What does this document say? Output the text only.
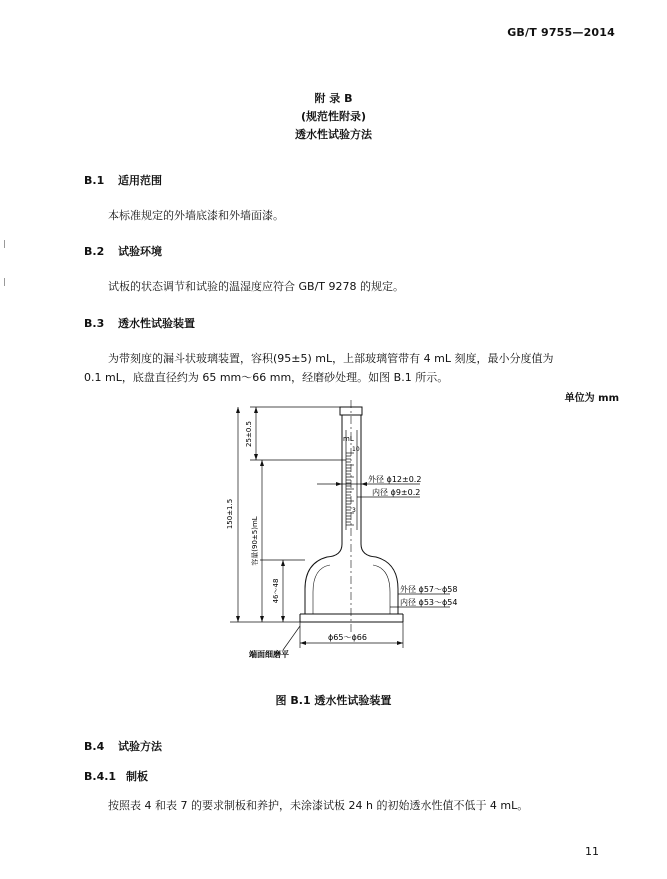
GB/T 9755—2014
附 录 B
(规范性附录)
透水性试验方法
B.1 适用范围
本标准规定的外墙底漆和外墙面漆。
B.2 试验环境
试板的状态调节和试验的温湿度应符合 GB/T 9278 的规定。
B.3 透水性试验装置
为带刻度的漏斗状玻璃装置，容积(95±5) mL，上部玻璃管带有 4 mL 刻度，最小分度值为
0.1 mL，底盘直径约为 65 mm～66 mm，经磨砂处理。如图 B.1 所示。
单位为 mm
mL
10
3
25±0.5
150±1.5
容量(90±5)mL
46～48
外径 ϕ12±0.2
内径 ϕ9±0.2
外径 ϕ57～ϕ58
内径 ϕ53～ϕ54
ϕ65～ϕ66
端面细磨平
图 B.1 透水性试验装置
B.4 试验方法
B.4.1 制板
按照表 4 和表 7 的要求制板和养护，未涂漆试板 24 h 的初始透水性值不低于 4 mL。
11
